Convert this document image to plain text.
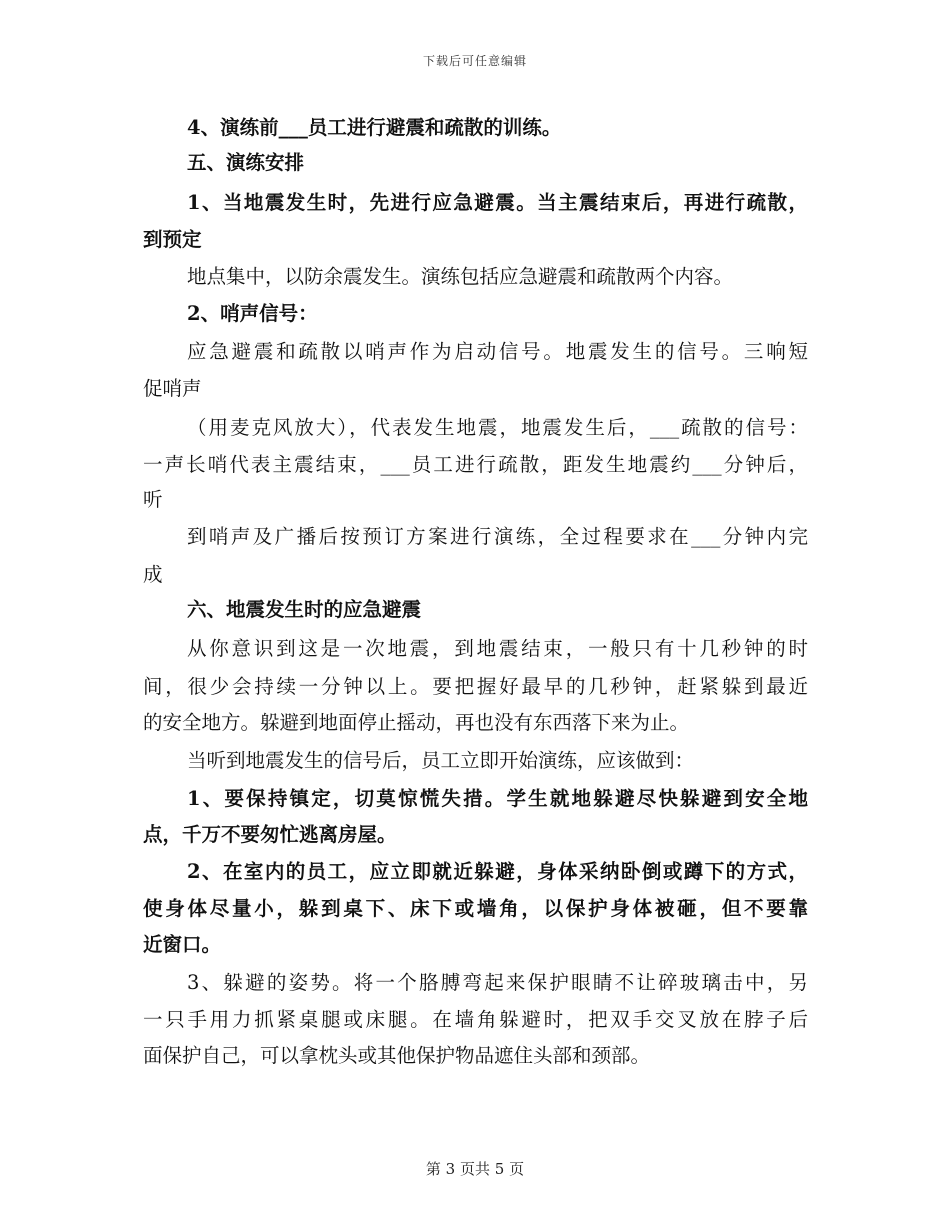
下载后可任意编辑
4、演练前___员工进行避震和疏散的训练。
五、演练安排
1、当地震发生时，先进行应急避震。当主震结束后，再进行疏散，
到预定
地点集中，以防余震发生。演练包括应急避震和疏散两个内容。
2、哨声信号：
应急避震和疏散以哨声作为启动信号。地震发生的信号。三响短
促哨声
（用麦克风放大），代表发生地震，地震发生后，___疏散的信号：
一声长哨代表主震结束，___员工进行疏散，距发生地震约___分钟后，
听
到哨声及广播后按预订方案进行演练，全过程要求在___分钟内完
成
六、地震发生时的应急避震
从你意识到这是一次地震，到地震结束，一般只有十几秒钟的时
间，很少会持续一分钟以上。要把握好最早的几秒钟，赶紧躲到最近
的安全地方。躲避到地面停止摇动，再也没有东西落下来为止。
当听到地震发生的信号后，员工立即开始演练，应该做到：
1、要保持镇定，切莫惊慌失措。学生就地躲避尽快躲避到安全地
点，千万不要匆忙逃离房屋。
2、在室内的员工，应立即就近躲避，身体采纳卧倒或蹲下的方式，
使身体尽量小，躲到桌下、床下或墙角，以保护身体被砸，但不要靠
近窗口。
3、躲避的姿势。将一个胳膊弯起来保护眼睛不让碎玻璃击中，另
一只手用力抓紧桌腿或床腿。在墙角躲避时，把双手交叉放在脖子后
面保护自己，可以拿枕头或其他保护物品遮住头部和颈部。
第 3 页共 5 页
